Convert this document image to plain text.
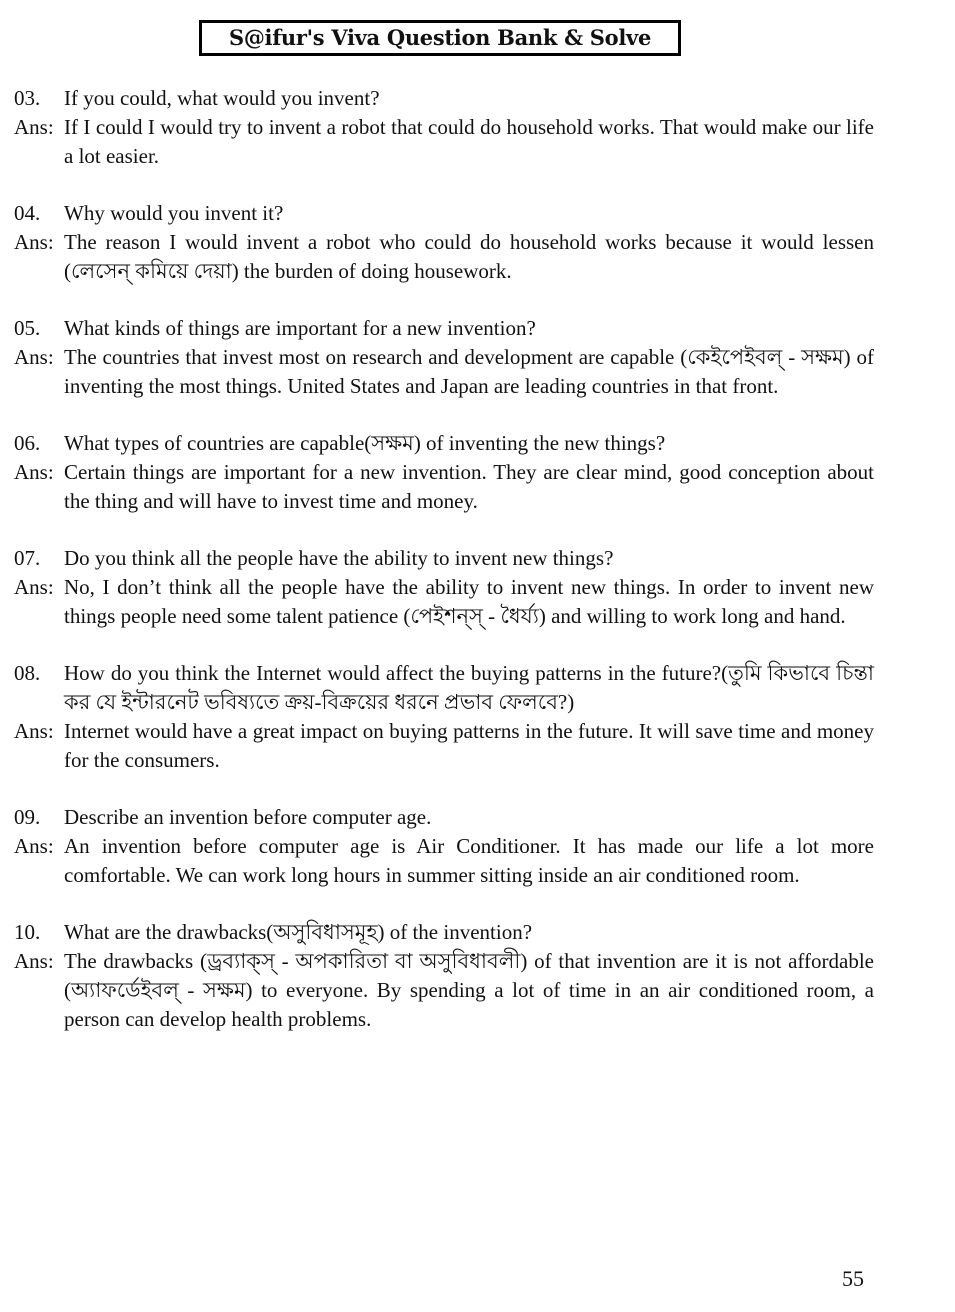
S@ifur's Viva Question Bank & Solve
03.	If you could, what would you invent?
Ans: If I could I would try to invent a robot that could do household works. That would make our life a lot easier.
04.	Why would you invent it?
Ans: The reason I would invent a robot who could do household works because it would lessen (লেসেন্ কমিয়ে দেয়া) the burden of doing housework.
05.	What kinds of things are important for a new invention?
Ans: The countries that invest most on research and development are capable (কেইপেইবল্ - সক্ষম) of inventing the most things. United States and Japan are leading countries in that front.
06.	What types of countries are capable(সক্ষম) of inventing the new things?
Ans: Certain things are important for a new invention. They are clear mind, good conception about the thing and will have to invest time and money.
07.	Do you think all the people have the ability to invent new things?
Ans: No, I don’t think all the people have the ability to invent new things. In order to invent new things people need some talent patience (পেইশন্স্ - ধৈর্য্য) and willing to work long and hand.
08.	How do you think the Internet would affect the buying patterns in the future?(তুমি কিভাবে চিন্তা কর যে ইন্টারনেট ভবিষ্যতে ক্রয়-বিক্রয়ের ধরনে প্রভাব ফেলবে?)
Ans: Internet would have a great impact on buying patterns in the future. It will save time and money for the consumers.
09.	Describe an invention before computer age.
Ans: An invention before computer age is Air Conditioner. It has made our life a lot more comfortable. We can work long hours in summer sitting inside an air conditioned room.
10.	What are the drawbacks(অসুবিধাসমূহ) of the invention?
Ans: The drawbacks (ড্রব্যাক্স্ - অপকারিতা বা অসুবিধাবলী) of that invention are it is not affordable (অ্যাফর্ডেইবল্ - সক্ষম) to everyone. By spending a lot of time in an air conditioned room, a person can develop health problems.
55
